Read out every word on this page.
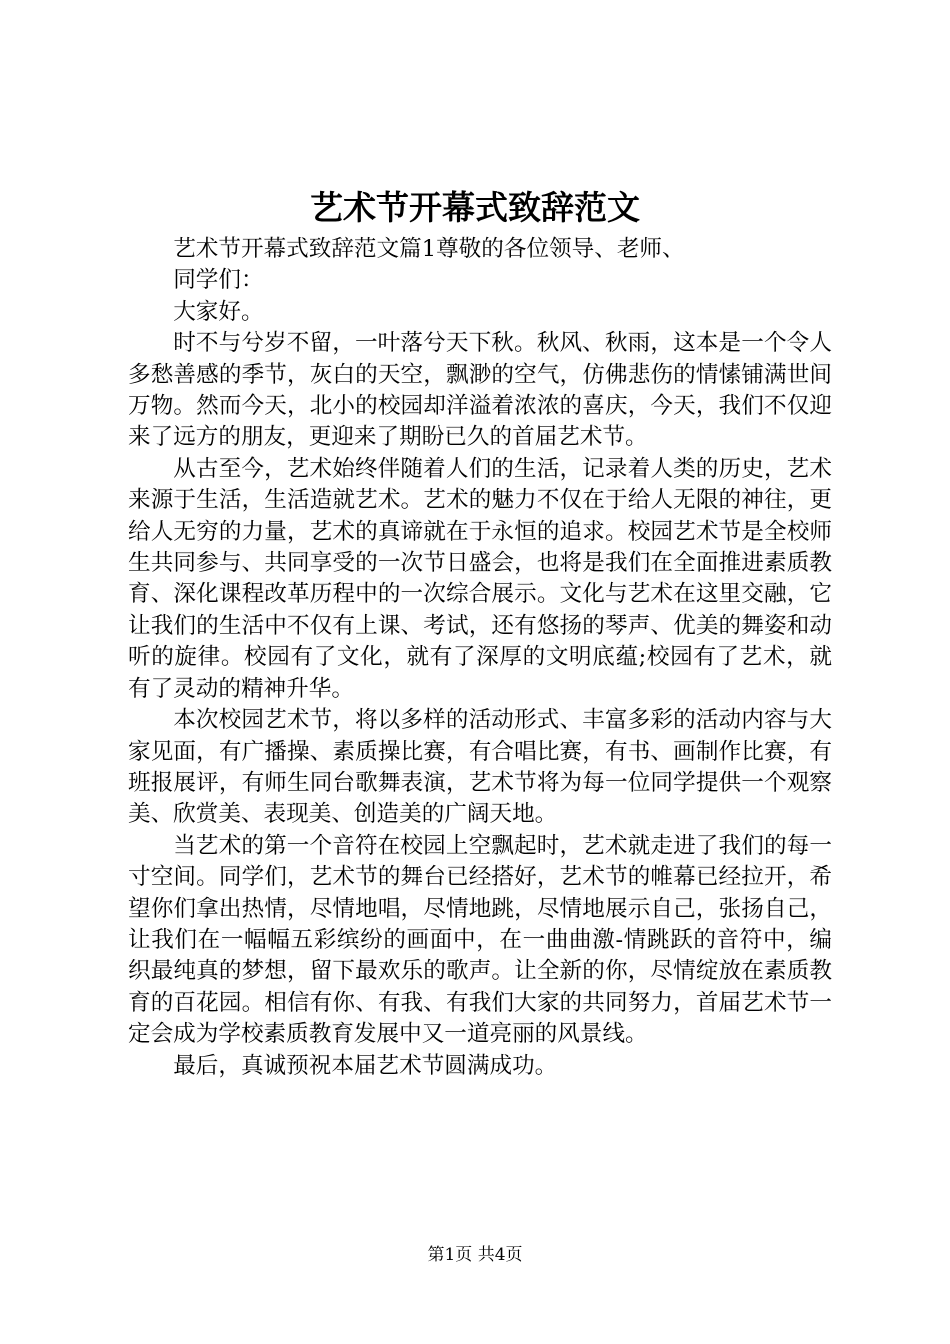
艺术节开幕式致辞范文

艺术节开幕式致辞范文篇1尊敬的各位领导、老师、

同学们：

大家好。

时不与兮岁不留，一叶落兮天下秋。秋风、秋雨，这本是一个令人多愁善感的季节，灰白的天空，飘渺的空气，仿佛悲伤的情愫铺满世间万物。然而今天，北小的校园却洋溢着浓浓的喜庆，今天，我们不仅迎来了远方的朋友，更迎来了期盼已久的首届艺术节。

从古至今，艺术始终伴随着人们的生活，记录着人类的历史，艺术来源于生活，生活造就艺术。艺术的魅力不仅在于给人无限的神往，更给人无穷的力量，艺术的真谛就在于永恒的追求。校园艺术节是全校师生共同参与、共同享受的一次节日盛会，也将是我们在全面推进素质教育、深化课程改革历程中的一次综合展示。文化与艺术在这里交融，它让我们的生活中不仅有上课、考试，还有悠扬的琴声、优美的舞姿和动听的旋律。校园有了文化，就有了深厚的文明底蕴;校园有了艺术，就有了灵动的精神升华。

本次校园艺术节，将以多样的活动形式、丰富多彩的活动内容与大家见面，有广播操、素质操比赛，有合唱比赛，有书、画制作比赛，有班报展评，有师生同台歌舞表演，艺术节将为每一位同学提供一个观察美、欣赏美、表现美、创造美的广阔天地。

当艺术的第一个音符在校园上空飘起时，艺术就走进了我们的每一寸空间。同学们，艺术节的舞台已经搭好，艺术节的帷幕已经拉开，希望你们拿出热情，尽情地唱，尽情地跳，尽情地展示自己，张扬自己，让我们在一幅幅五彩缤纷的画面中，在一曲曲激-情跳跃的音符中，编织最纯真的梦想，留下最欢乐的歌声。让全新的你，尽情绽放在素质教育的百花园。相信有你、有我、有我们大家的共同努力，首届艺术节一定会成为学校素质教育发展中又一道亮丽的风景线。

最后，真诚预祝本届艺术节圆满成功。

第1页 共4页
